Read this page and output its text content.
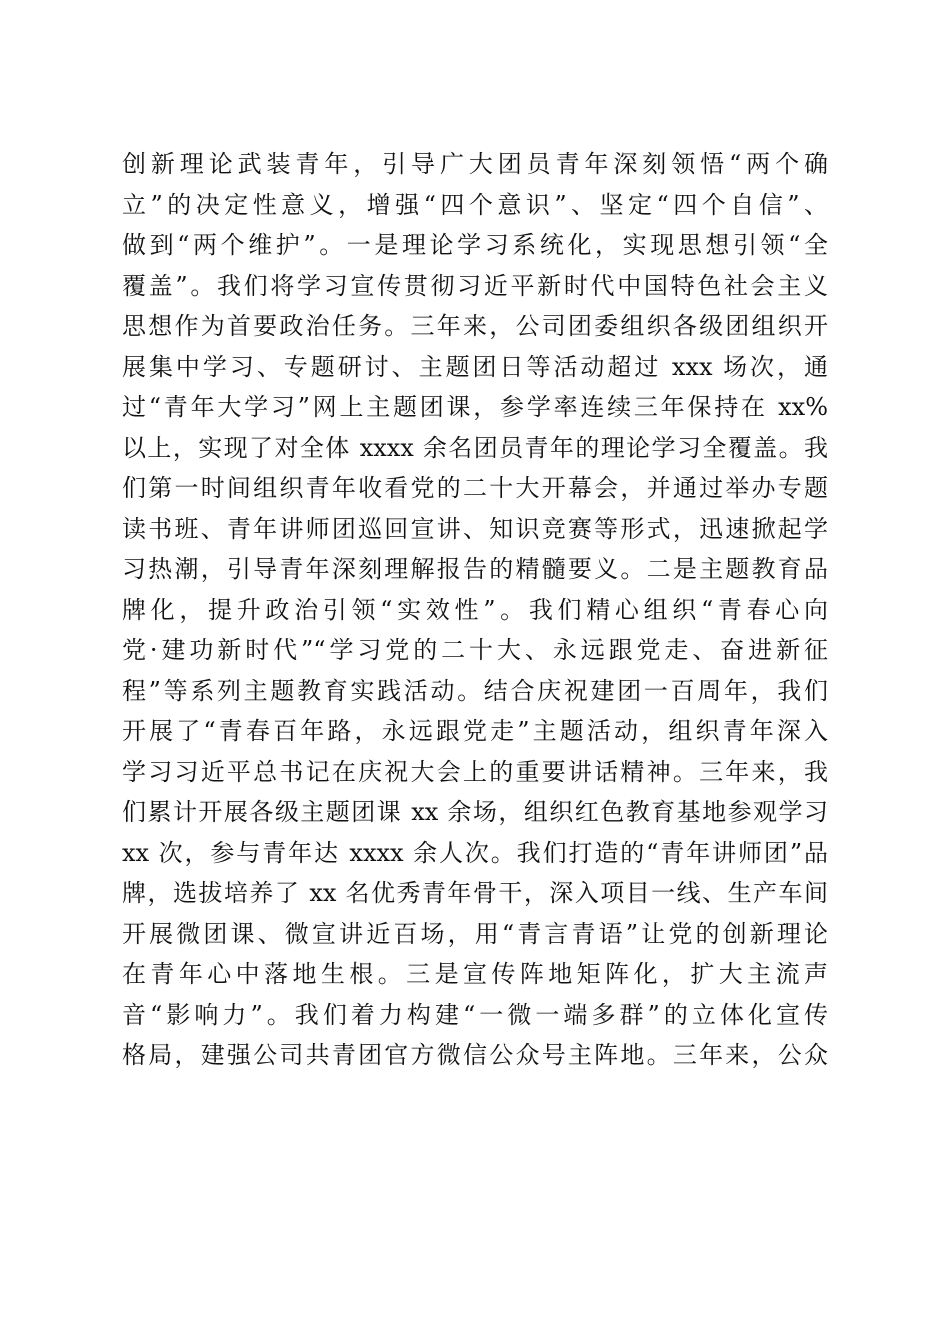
创新理论武装青年，引导广大团员青年深刻领悟“两个确
立”的决定性意义，增强“四个意识”、坚定“四个自信”、
做到“两个维护”。一是理论学习系统化，实现思想引领“全
覆盖”。我们将学习宣传贯彻习近平新时代中国特色社会主义
思想作为首要政治任务。三年来，公司团委组织各级团组织开
展集中学习、专题研讨、主题团日等活动超过 xxx 场次，通
过“青年大学习”网上主题团课，参学率连续三年保持在 xx%
以上，实现了对全体 xxxx 余名团员青年的理论学习全覆盖。我
们第一时间组织青年收看党的二十大开幕会，并通过举办专题
读书班、青年讲师团巡回宣讲、知识竞赛等形式，迅速掀起学
习热潮，引导青年深刻理解报告的精髓要义。二是主题教育品
牌化，提升政治引领“实效性”。我们精心组织“青春心向
党·建功新时代”“学习党的二十大、永远跟党走、奋进新征
程”等系列主题教育实践活动。结合庆祝建团一百周年，我们
开展了“青春百年路，永远跟党走”主题活动，组织青年深入
学习习近平总书记在庆祝大会上的重要讲话精神。三年来，我
们累计开展各级主题团课 xx 余场，组织红色教育基地参观学习
xx 次，参与青年达 xxxx 余人次。我们打造的“青年讲师团”品
牌，选拔培养了 xx 名优秀青年骨干，深入项目一线、生产车间
开展微团课、微宣讲近百场，用“青言青语”让党的创新理论
在青年心中落地生根。三是宣传阵地矩阵化，扩大主流声
音“影响力”。我们着力构建“一微一端多群”的立体化宣传
格局，建强公司共青团官方微信公众号主阵地。三年来，公众
